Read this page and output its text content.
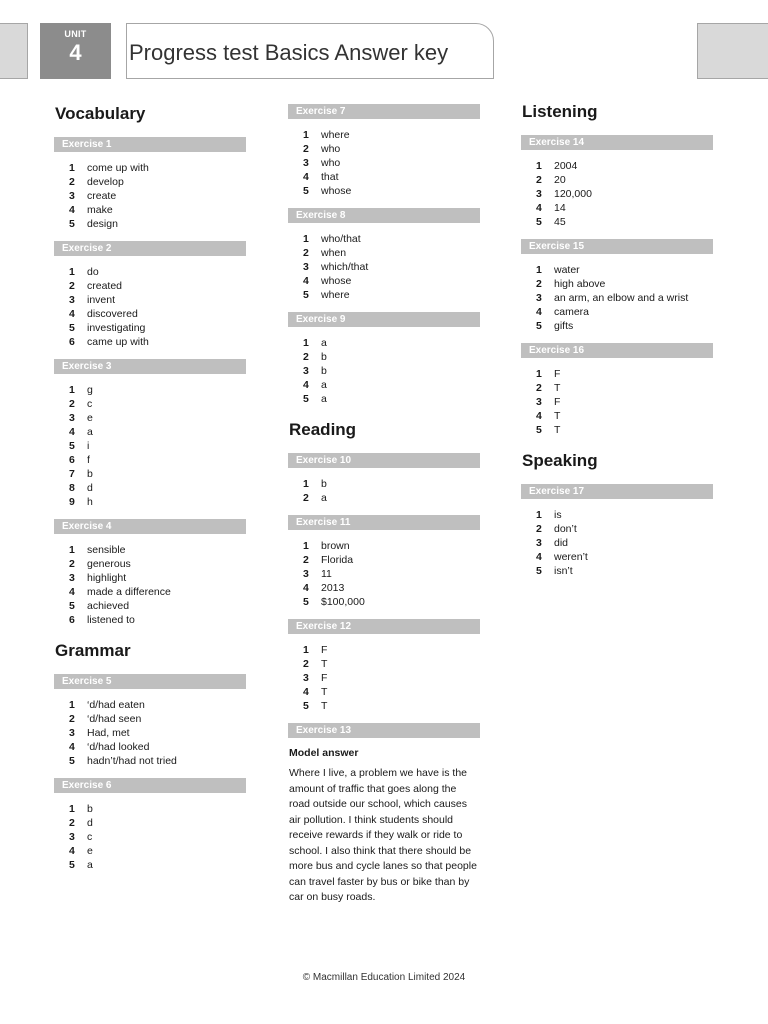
UNIT
4	Progress test Basics Answer key
Vocabulary
Exercise 1
1	come up with
2	develop
3	create
4	make
5	design
Exercise 2
1	do
2	created
3	invent
4	discovered
5	investigating
6	came up with
Exercise 3
1	g
2	c
3	e
4	a
5	i
6	f
7	b
8	d
9	h
Exercise 4
1	sensible
2	generous
3	highlight
4	made a difference
5	achieved
6	listened to
Grammar
Exercise 5
1	‘d/had eaten
2	‘d/had seen
3	Had, met
4	‘d/had looked
5	hadn’t/had not tried
Exercise 6
1	b
2	d
3	c
4	e
5	a
Exercise 7
1	where
2	who
3	who
4	that
5	whose
Exercise 8
1	who/that
2	when
3	which/that
4	whose
5	where
Exercise 9
1	a
2	b
3	b
4	a
5	a
Reading
Exercise 10
1	b
2	a
Exercise 11
1	brown
2	Florida
3	11
4	2013
5	$100,000
Exercise 12
1	F
2	T
3	F
4	T
5	T
Exercise 13
Model answer

Where I live, a problem we have is the amount of traffic that goes along the road outside our school, which causes air pollution. I think students should receive rewards if they walk or ride to school. I also think that there should be more bus and cycle lanes so that people can travel faster by bus or bike than by car on busy roads.

Listening
Exercise 14
1	2004
2	20
3	120,000
4	14
5	45
Exercise 15
1	water
2	high above
3	an arm, an elbow and a wrist
4	camera
5	gifts
Exercise 16
1	F
2	T
3	F
4	T
5	T
Speaking
Exercise 17
1	is
2	don’t
3	did
4	weren’t
5	isn’t
© Macmillan Education Limited 2024
